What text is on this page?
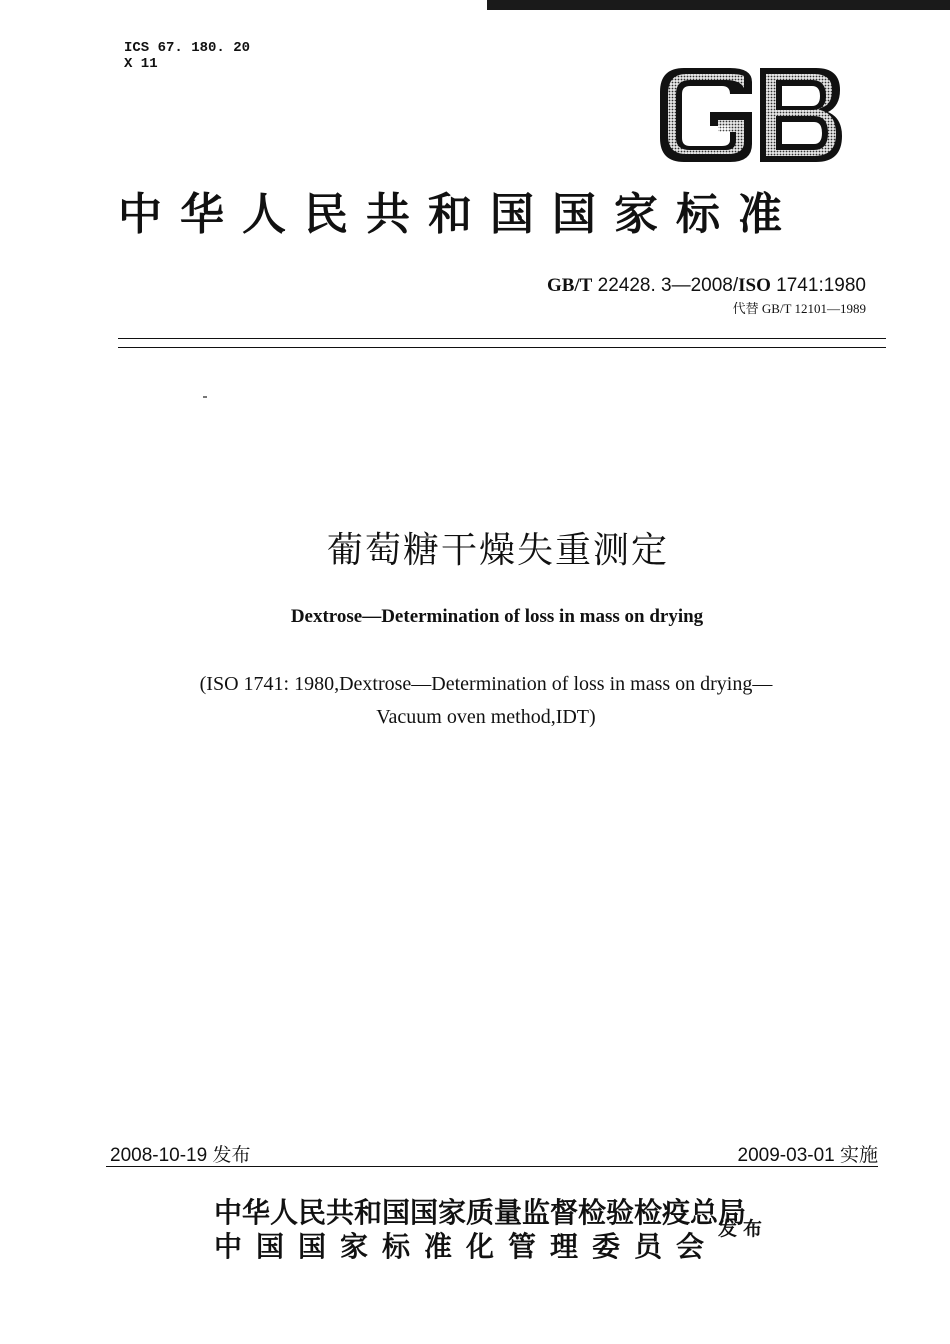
ICS 67. 180. 20
X 11	GB
中华人民共和国国家标准
GB/T 22428. 3—2008/ISO 1741:1980
代替 GB/T 12101—1989
葡萄糖干燥失重测定
Dextrose—Determination of loss in mass on drying
(ISO 1741: 1980,Dextrose—Determination of loss in mass on drying—
Vacuum oven method,IDT)
2008-10-19 发布	2009-03-01 实施
中华人民共和国国家质量监督检验检疫总局
中国国家标准化管理委员会
发布
